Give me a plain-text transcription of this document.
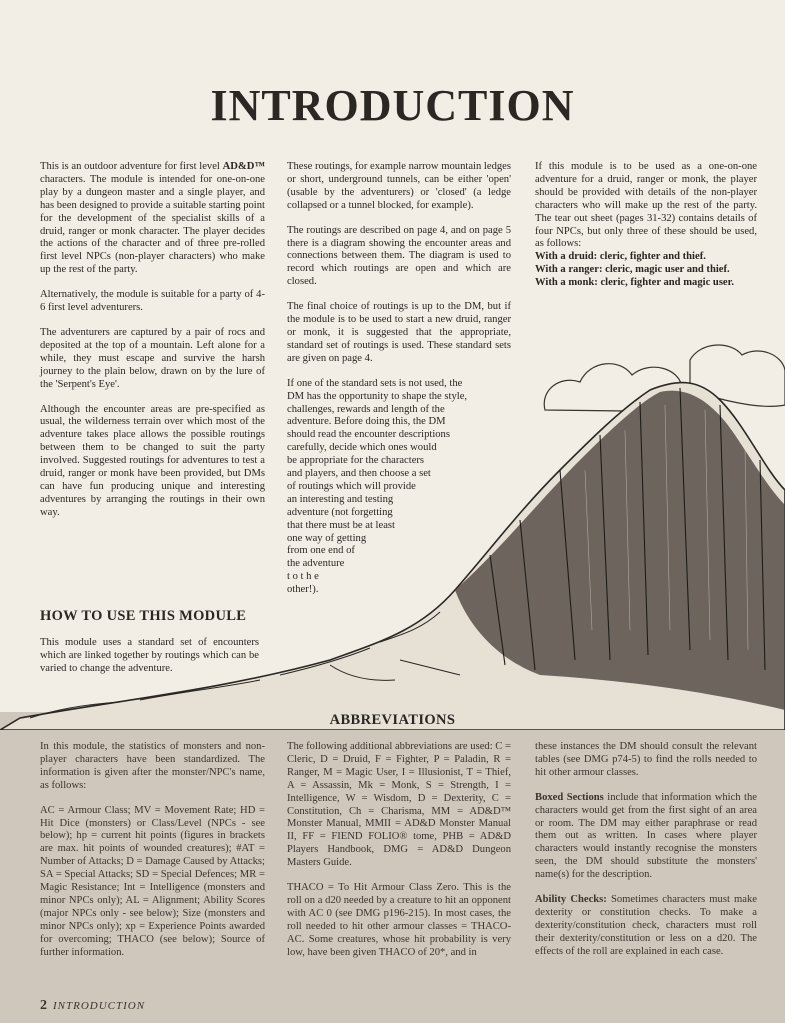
INTRODUCTION

This is an outdoor adventure for first level AD&D™ characters. The module is intended for one-on-one play by a dungeon master and a single player, and has been designed to provide a suitable starting point for the development of the specialist skills of a druid, ranger or monk character. The player decides the actions of the character and of three pre-rolled first level NPCs (non-player characters) who make up the rest of the party.

Alternatively, the module is suitable for a party of 4-6 first level adventurers.

The adventurers are captured by a pair of rocs and deposited at the top of a mountain. Left alone for a while, they must escape and survive the harsh journey to the plain below, drawn on by the lure of the 'Serpent's Eye'.

Although the encounter areas are pre-specified as usual, the wilderness terrain over which most of the adventure takes place allows the possible routings between them to be changed to suit the party involved. Suggested routings for adventures to test a druid, ranger or monk have been provided, but DMs can have fun producing unique and interesting adventures by arranging the routings in their own way.

HOW TO USE THIS MODULE

This module uses a standard set of encounters which are linked together by routings which can be varied to change the adventure.

These routings, for example narrow mountain ledges or short, underground tunnels, can be either 'open' (usable by the adventurers) or 'closed' (a ledge collapsed or a tunnel blocked, for example).

The routings are described on page 4, and on page 5 there is a diagram showing the encounter areas and connections between them. The diagram is used to record which routings are open and which are closed.

The final choice of routings is up to the DM, but if the module is to be used to start a new druid, ranger or monk, it is suggested that the appropriate, standard set of routings is used. These standard sets are given on page 4.

If one of the standard sets is not used, the
DM has the opportunity to shape the style,
challenges, rewards and length of the
adventure. Before doing this, the DM
should read the encounter descriptions
carefully, decide which ones would
be appropriate for the characters
and players, and then choose a set
of routings which will provide
an interesting and testing
adventure (not forgetting
that there must be at least
one way of getting
from one end of
the adventure
t o t h e
other!).

If this module is to be used as a one-on-one adventure for a druid, ranger or monk, the player should be provided with details of the non-player characters who will make up the rest of the party. The tear out sheet (pages 31-32) contains details of four NPCs, but only three of these should be used, as follows:

With a druid: cleric, fighter and thief.

With a ranger: cleric, magic user and thief.

With a monk: cleric, fighter and magic user.

ABBREVIATIONS

In this module, the statistics of monsters and non-player characters have been standardized. The information is given after the monster/NPC's name, as follows:

AC = Armour Class; MV = Movement Rate; HD = Hit Dice (monsters) or Class/Level (NPCs - see below); hp = current hit points (figures in brackets are max. hit points of wounded creatures); #AT = Number of Attacks; D = Damage Caused by Attacks; SA = Special Attacks; SD = Special Defences; MR = Magic Resistance; Int = Intelligence (monsters and minor NPCs only); AL = Alignment; Ability Scores (major NPCs only - see below); Size (monsters and minor NPCs only); xp = Experience Points awarded for overcoming; THACO (see below); Source of further information.

The following additional abbreviations are used: C = Cleric, D = Druid, F = Fighter, P = Paladin, R = Ranger, M = Magic User, I = Illusionist, T = Thief, A = Assassin, Mk = Monk, S = Strength, I = Intelligence, W = Wisdom, D = Dexterity, C = Constitution, Ch = Charisma, MM = AD&D™ Monster Manual, MMII = AD&D Monster Manual II, FF = FIEND FOLIO® tome, PHB = AD&D Players Handbook, DMG = AD&D Dungeon Masters Guide.

THACO = To Hit Armour Class Zero. This is the roll on a d20 needed by a creature to hit an opponent with AC 0 (see DMG p196-215). In most cases, the roll needed to hit other armour classes = THACO-AC. Some creatures, whose hit probability is very low, have been given THACO of 20*, and in

these instances the DM should consult the relevant tables (see DMG p74-5) to find the rolls needed to hit other armour classes.

Boxed Sections include that information which the characters would get from the first sight of an area or room. The DM may either paraphrase or read them out as written. In cases where player characters would instantly recognise the monsters seen, the DM should substitute the monsters' name(s) for the description.

Ability Checks: Sometimes characters must make dexterity or constitution checks. To make a dexterity/constitution check, characters must roll their dexterity/constitution or less on a d20. The effects of the roll are explained in each case.

2 INTRODUCTION
